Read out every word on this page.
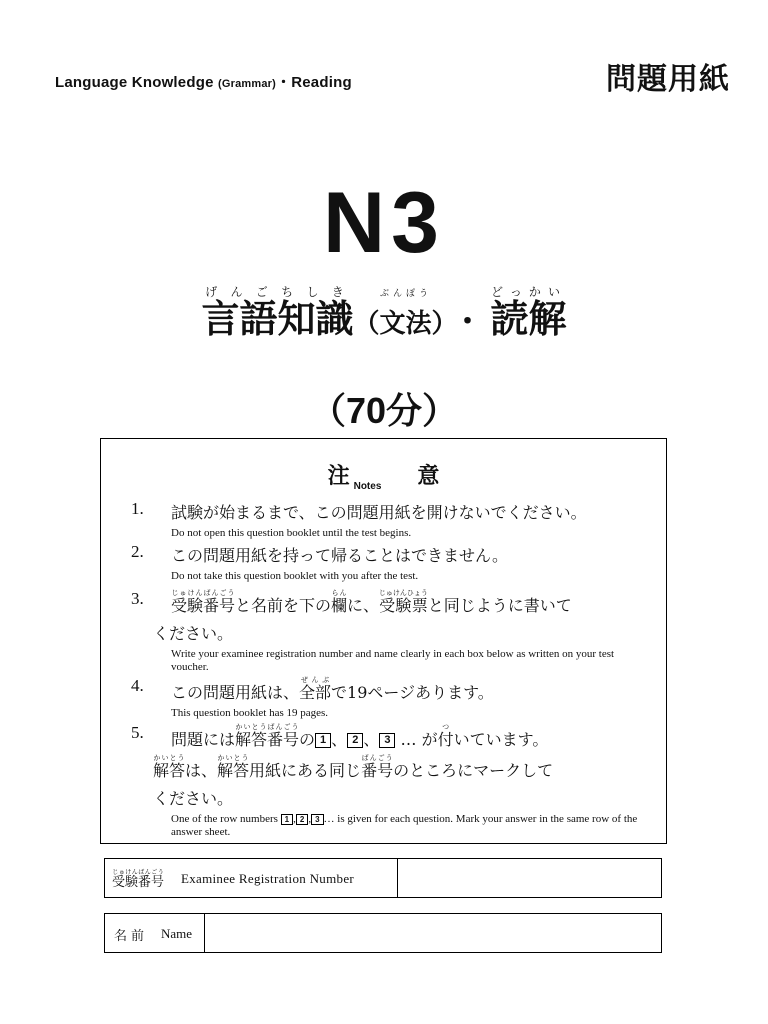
Language Knowledge (Grammar)・Reading	問題用紙
N3
言語知識げんごちしき（文法ぶんぽう） ・ 読解どっかい
（70分）
注 $_{Notes}$ 意
1. 試験が始まるまで、この問題用紙を開けないでください。
Do not open this question booklet until the test begins.
2. この問題用紙を持って帰ることはできません。
Do not take this question booklet with you after the test.
3. 受験番号じゅけんばんごうと名前を下の欄らんに、受験票じゅけんひょうと同じように書いて
ください。
Write your examinee registration number and name clearly in each box below as written on your test voucher.
4. この問題用紙は、全部ぜんぶで19ページあります。
This question booklet has 19 pages.
5. 問題には解答番号かいとうばんごうの 1 、 2 、 3 … が付ついています。
解答かいとうは、解答かいとう用紙にある同じ番号ばんごうのところにマークして
ください。
One of the row numbers 1 , 2 , 3 … is given for each question. Mark your answer in the same row of the answer sheet.
受験番号じゅけんばんごう Examinee Registration Number
名前 Name
